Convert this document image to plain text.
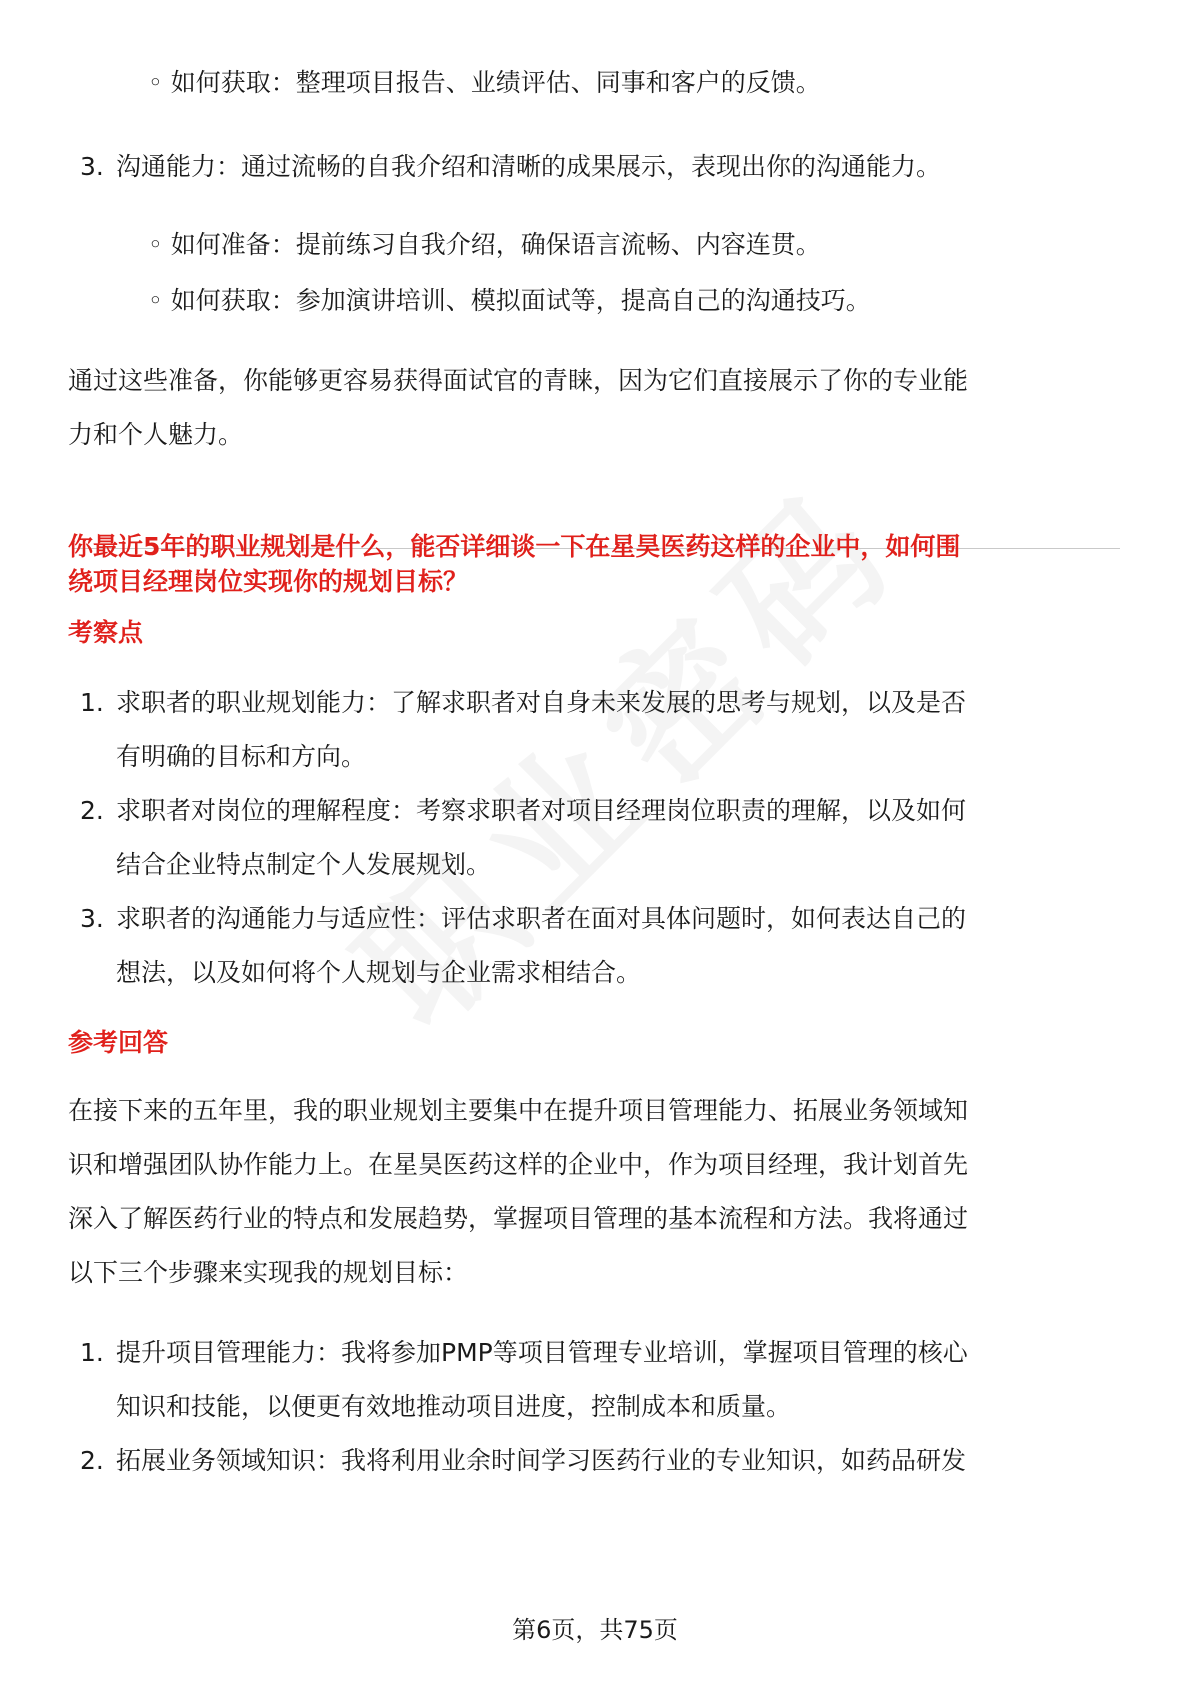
◦ 如何获取：整理项目报告、业绩评估、同事和客户的反馈。
3. 沟通能力：通过流畅的自我介绍和清晰的成果展示，表现出你的沟通能力。
◦ 如何准备：提前练习自我介绍，确保语言流畅、内容连贯。
◦ 如何获取：参加演讲培训、模拟面试等，提高自己的沟通技巧。
通过这些准备，你能够更容易获得面试官的青睐，因为它们直接展示了你的专业能
力和个人魅力。
你最近5年的职业规划是什么，能否详细谈一下在星昊医药这样的企业中，如何围
绕项目经理岗位实现你的规划目标？
考察点
1. 求职者的职业规划能力：了解求职者对自身未来发展的思考与规划，以及是否
有明确的目标和方向。
2. 求职者对岗位的理解程度：考察求职者对项目经理岗位职责的理解，以及如何
结合企业特点制定个人发展规划。
3. 求职者的沟通能力与适应性：评估求职者在面对具体问题时，如何表达自己的
想法，以及如何将个人规划与企业需求相结合。
参考回答
在接下来的五年里，我的职业规划主要集中在提升项目管理能力、拓展业务领域知
识和增强团队协作能力上。在星昊医药这样的企业中，作为项目经理，我计划首先
深入了解医药行业的特点和发展趋势，掌握项目管理的基本流程和方法。我将通过
以下三个步骤来实现我的规划目标：
1. 提升项目管理能力：我将参加PMP等项目管理专业培训，掌握项目管理的核心
知识和技能，以便更有效地推动项目进度，控制成本和质量。
2. 拓展业务领域知识：我将利用业余时间学习医药行业的专业知识，如药品研发
第6页，共75页
